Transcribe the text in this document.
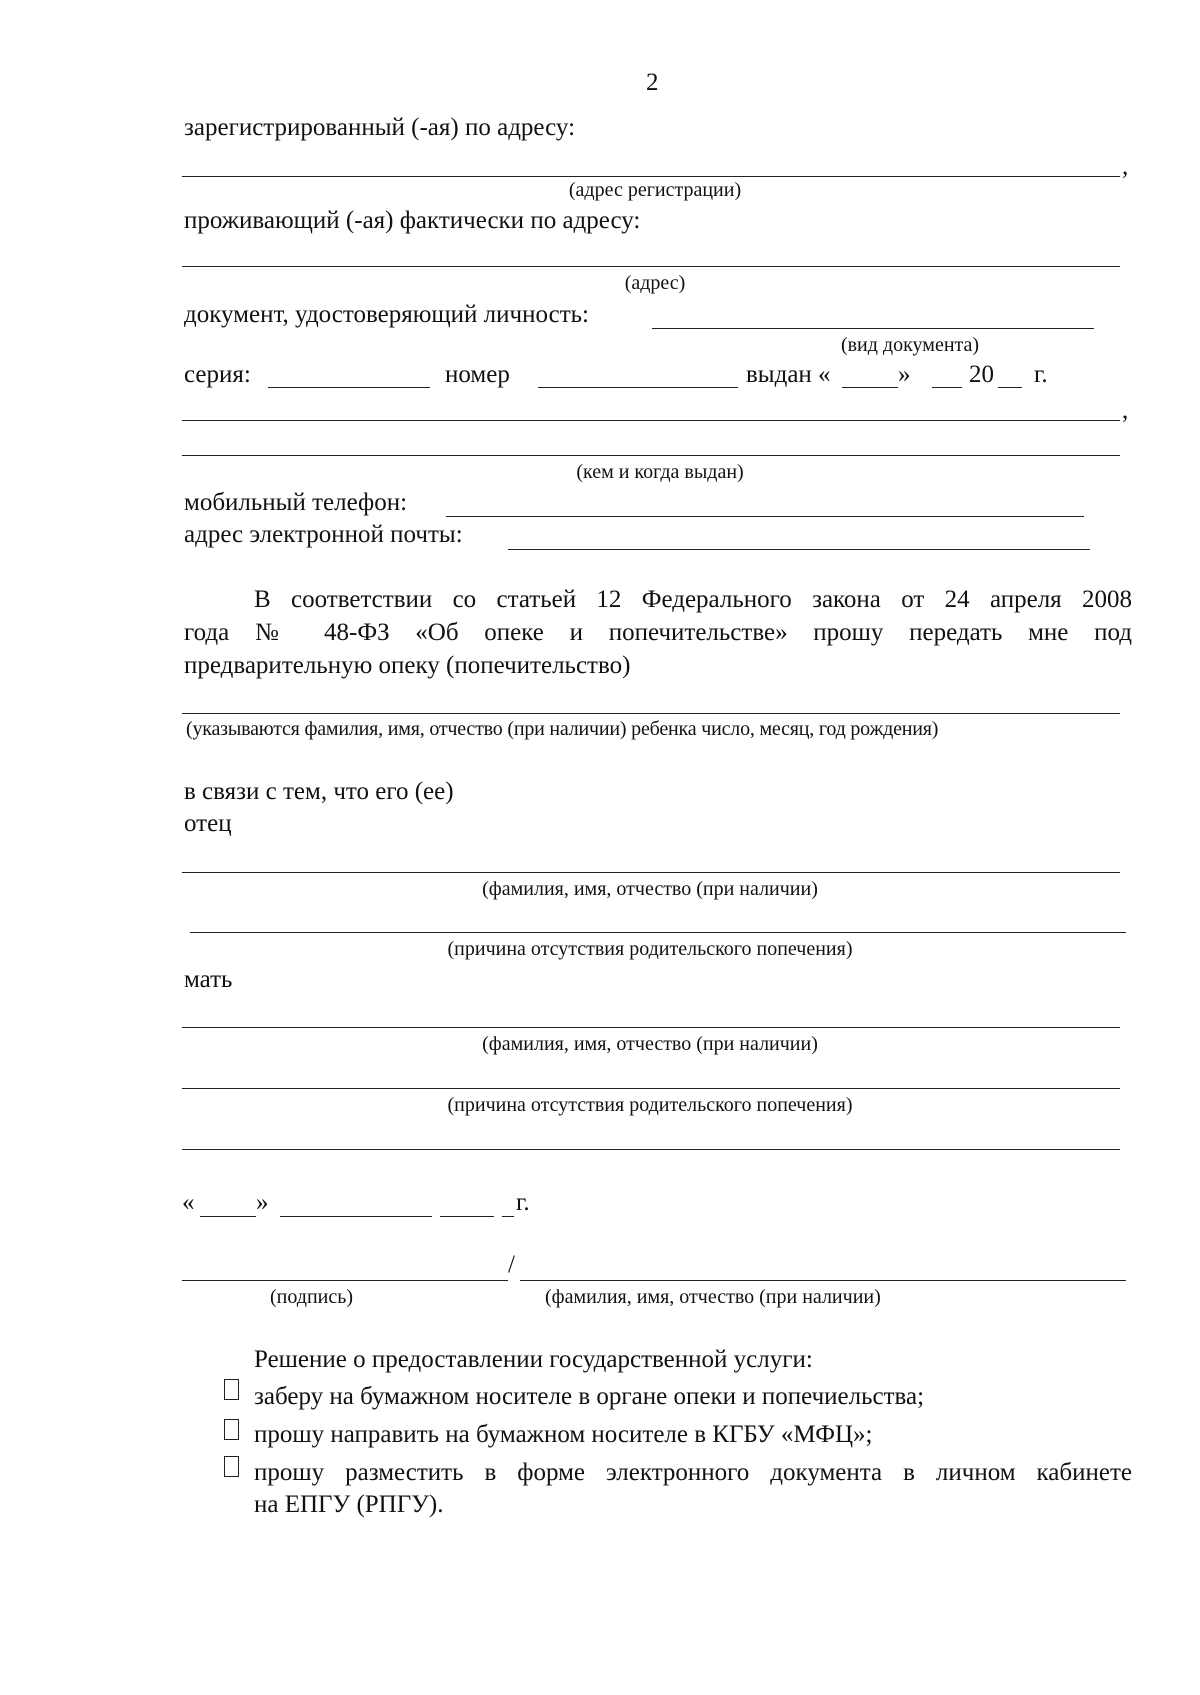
2
зарегистрированный (-ая) по адресу:
,
(адрес регистрации)
проживающий (-ая) фактически по адресу:
(адрес)
документ, удостоверяющий личность:
(вид документа)
серия:	номер	выдан «	» 20 г.
,
(кем и когда выдан)
мобильный телефон:
адрес электронной почты:
В соответствии со статьей 12 Федерального закона от 24 апреля 2008
года № 48-ФЗ «Об опеке и попечительстве» прошу передать мне под
предварительную опеку (попечительство)
(указываются фамилия, имя, отчество (при наличии) ребенка число, месяц, год рождения)
в связи с тем, что его (ее)
отец
(фамилия, имя, отчество (при наличии)
(причина отсутствия родительского попечения)
мать
(фамилия, имя, отчество (при наличии)
(причина отсутствия родительского попечения)
« »	г.
/
(подпись)	(фамилия, имя, отчество (при наличии)
Решение о предоставлении государственной услуги:
заберу на бумажном носителе в органе опеки и пoпечиельства;
прошу направить на бумажном носителе в КГБУ «МФЦ»;
прошу разместить в форме электронного документа в личном кабинете
на ЕПГУ (РПГУ).
